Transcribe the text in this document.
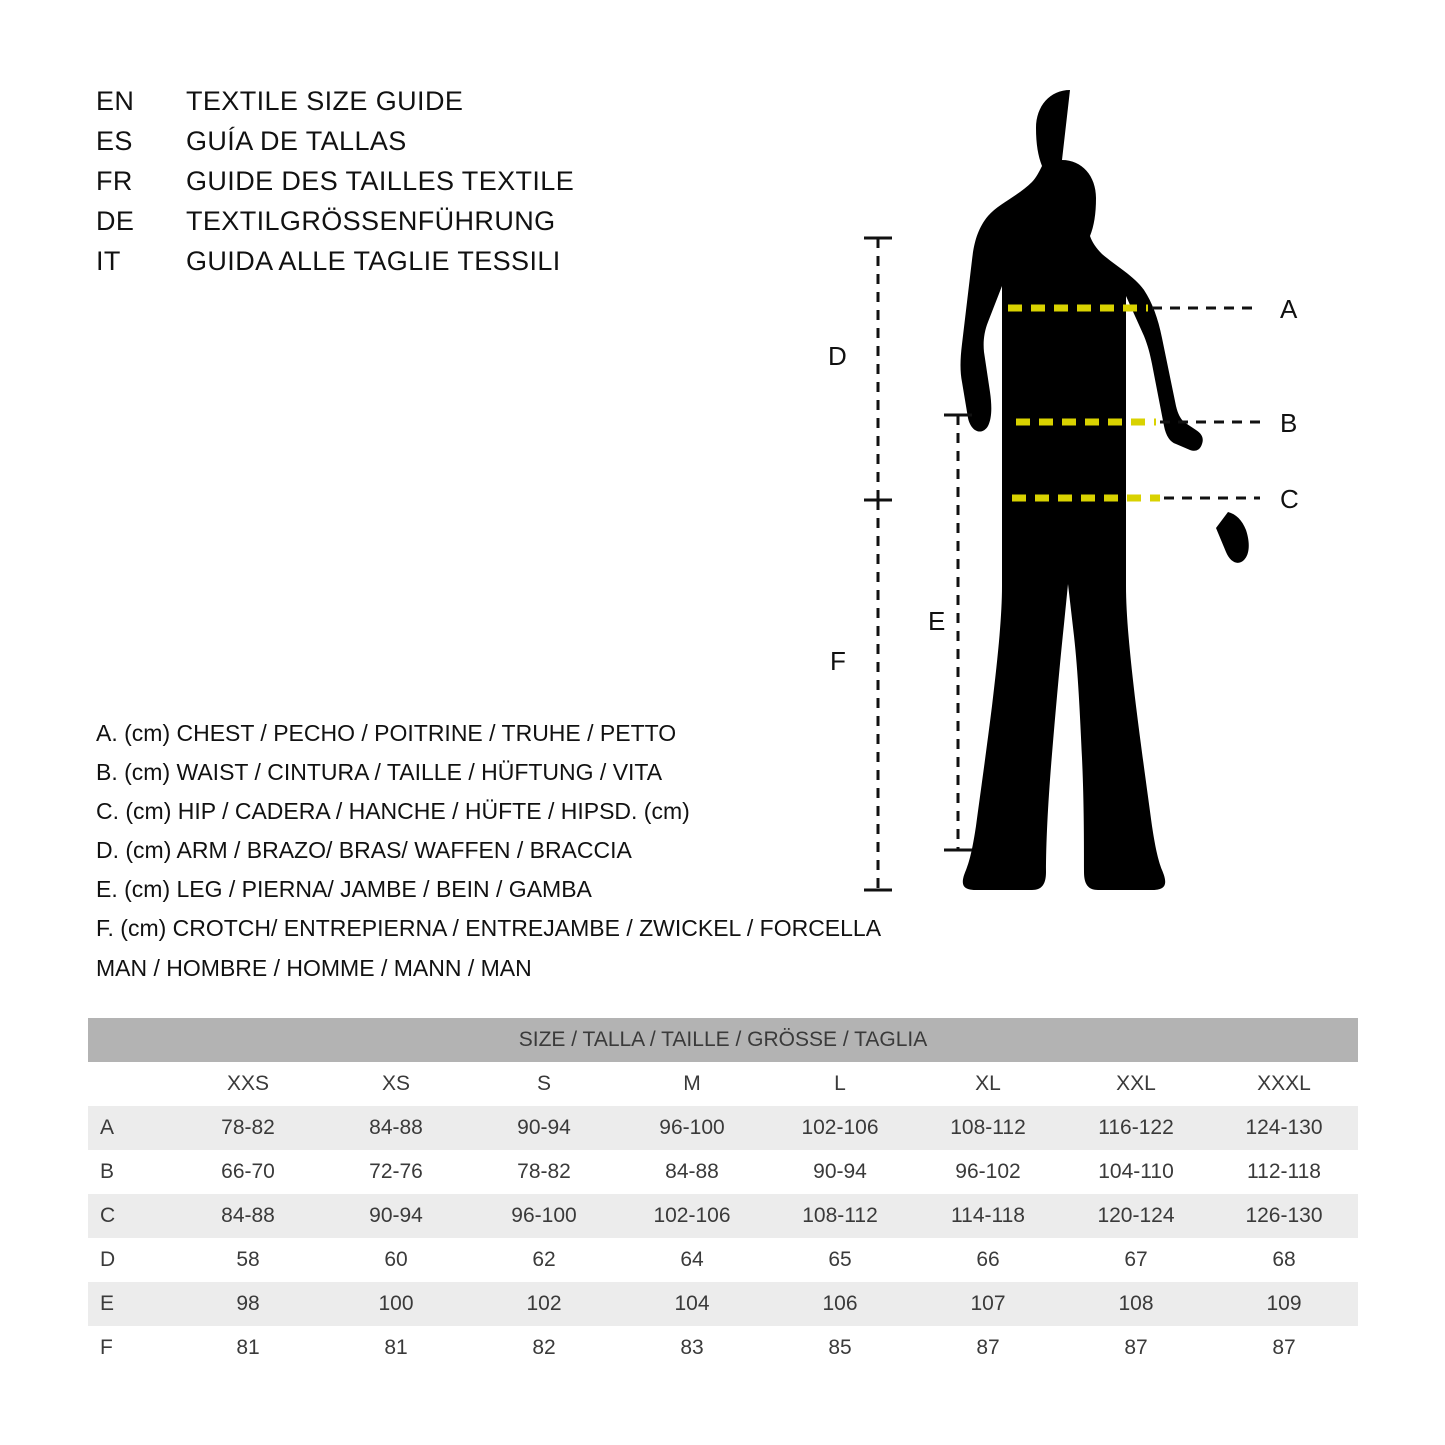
EN	TEXTILE SIZE GUIDE
ES	GUÍA DE TALLAS
FR	GUIDE DES TAILLES TEXTILE
DE	TEXTILGRÖSSENFÜHRUNG
IT	GUIDA ALLE TAGLIE TESSILI
A. (cm) CHEST / PECHO / POITRINE / TRUHE / PETTO
B. (cm) WAIST / CINTURA / TAILLE / HÜFTUNG / VITA
C. (cm) HIP / CADERA / HANCHE / HÜFTE / HIPSD. (cm)
D. (cm) ARM / BRAZO/ BRAS/ WAFFEN / BRACCIA
E. (cm) LEG / PIERNA/ JAMBE / BEIN / GAMBA
F. (cm) CROTCH/ ENTREPIERNA / ENTREJAMBE / ZWICKEL / FORCELLA
MAN / HOMBRE / HOMME / MANN / MAN
A
B
C
D
F
E
SIZE / TALLA / TAILLE / GRÖSSE / TAGLIA								
	XXS	XS	S	M	L	XL	XXL	XXXL
A	78-82	84-88	90-94	96-100	102-106	108-112	116-122	124-130
B	66-70	72-76	78-82	84-88	90-94	96-102	104-110	112-118
C	84-88	90-94	96-100	102-106	108-112	114-118	120-124	126-130
D	58	60	62	64	65	66	67	68
E	98	100	102	104	106	107	108	109
F	81	81	82	83	85	87	87	87
